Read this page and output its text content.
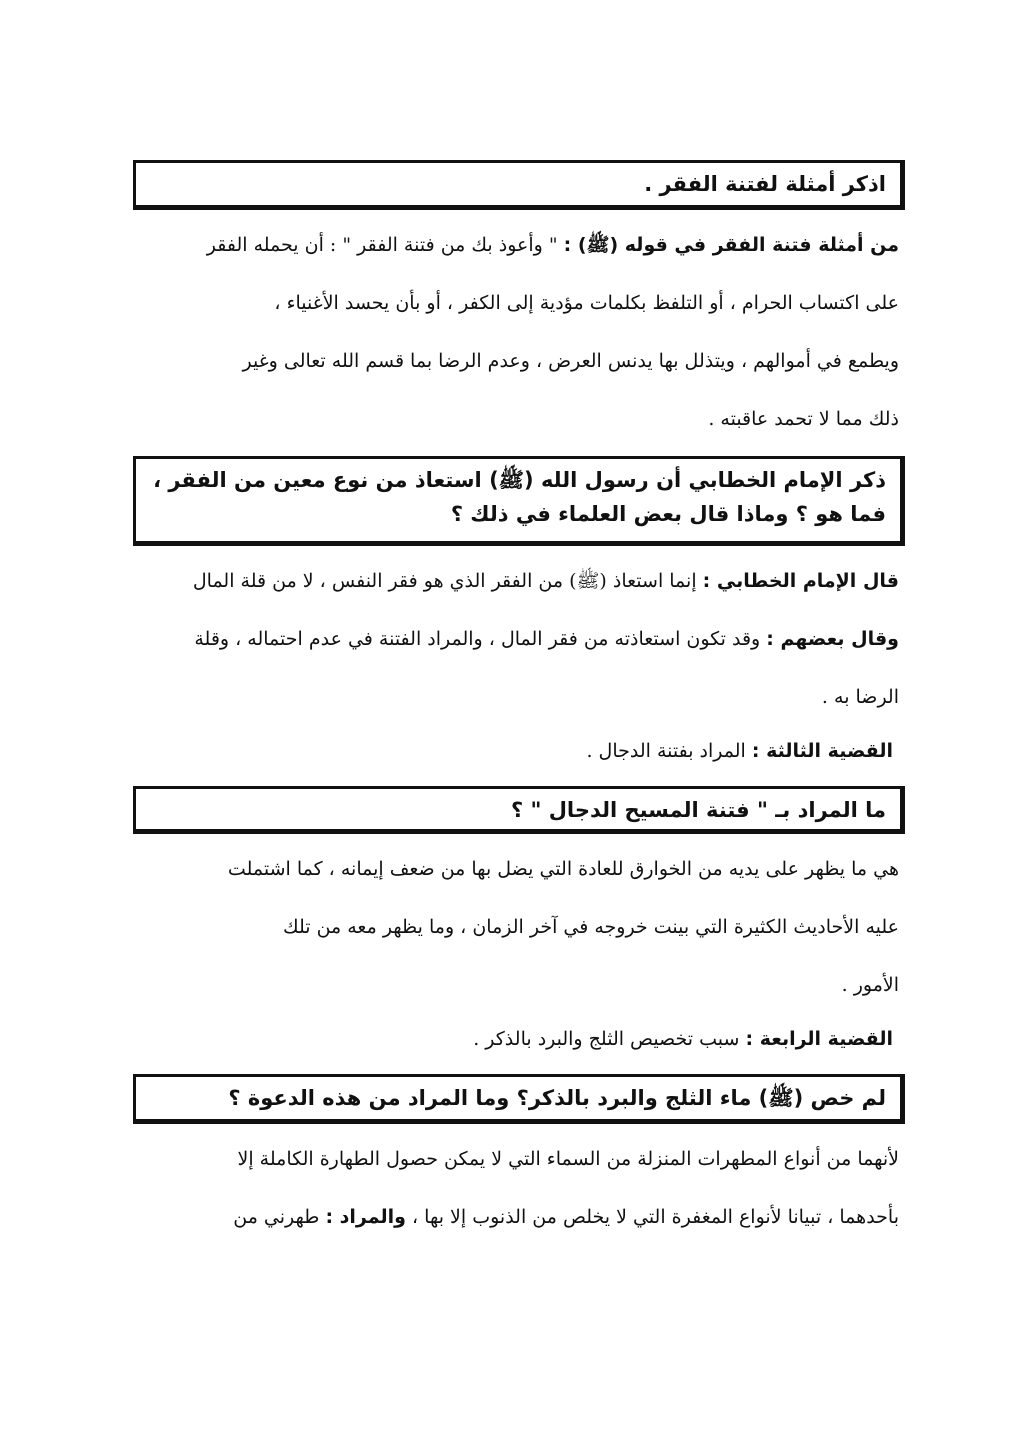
اذكر أمثلة لفتنة الفقر .
من أمثلة فتنة الفقر في قوله (ﷺ) : " وأعوذ بك من فتنة الفقر " : أن يحمله الفقر
على اكتساب الحرام ، أو التلفظ بكلمات مؤدية إلى الكفر ، أو بأن يحسد الأغنياء ،
ويطمع في أموالهم ، ويتذلل بها يدنس العرض ، وعدم الرضا بما قسم الله تعالى وغير
ذلك مما لا تحمد عاقبته .
ذكر الإمام الخطابي أن رسول الله (ﷺ) استعاذ من نوع معين من الفقر ،
فما هو ؟ وماذا قال بعض العلماء في ذلك ؟
قال الإمام الخطابي : إنما استعاذ (ﷺ) من الفقر الذي هو فقر النفس ، لا من قلة المال
وقال بعضهم : وقد تكون استعاذته من فقر المال ، والمراد الفتنة في عدم احتماله ، وقلة
الرضا به .
القضية الثالثة : المراد بفتنة الدجال .
ما المراد بـ " فتنة المسيح الدجال " ؟
هي ما يظهر على يديه من الخوارق للعادة التي يضل بها من ضعف إيمانه ، كما اشتملت
عليه الأحاديث الكثيرة التي بينت خروجه في آخر الزمان ، وما يظهر معه من تلك
الأمور .
القضية الرابعة : سبب تخصيص الثلج والبرد بالذكر .
لم خص (ﷺ) ماء الثلج والبرد بالذكر؟ وما المراد من هذه الدعوة ؟
لأنهما من أنواع المطهرات المنزلة من السماء التي لا يمكن حصول الطهارة الكاملة إلا
بأحدهما ، تبيانا لأنواع المغفرة التي لا يخلص من الذنوب إلا بها ، والمراد : طهرني من
